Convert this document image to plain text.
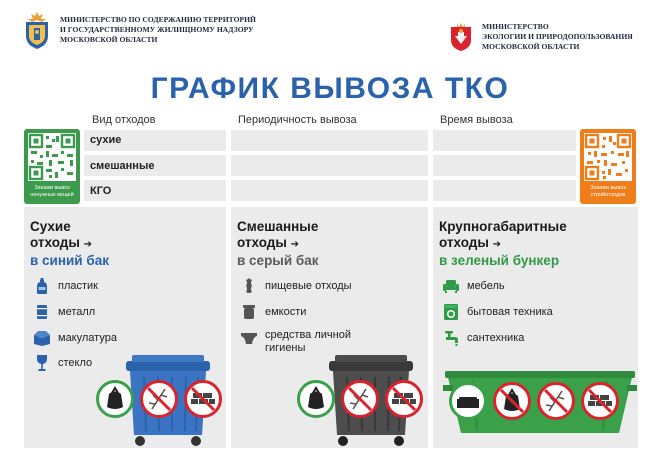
МИНИСТЕРСТВО ПО СОДЕРЖАНИЮ ТЕРРИТОРИЙ
И ГОСУДАРСТВЕННОМУ ЖИЛИЩНОМУ НАДЗОРУ
МОСКОВСКОЙ ОБЛАСТИ
МИНИСТЕРСТВО
ЭКОЛОГИИ И ПРИРОДОПОЛЬЗОВАНИЯ
МОСКОВСКОЙ ОБЛАСТИ
ГРАФИК ВЫВОЗА ТКО
Вид отходов	Периодичность вывоза	Время вывоза
сухие
смешанные
КГО
Закажи вывоз ненужных вещей
Закажи вывоз стройотходов
Сухие
отходы ➔
в синий бак
пластик
металл
макулатура
стекло
Смешанные
отходы ➔
в серый бак
пищевые отходы
емкости
средства личной гигиены
Крупногабаритные
отходы ➔
в зеленый бункер
мебель
бытовая техника
сантехника
